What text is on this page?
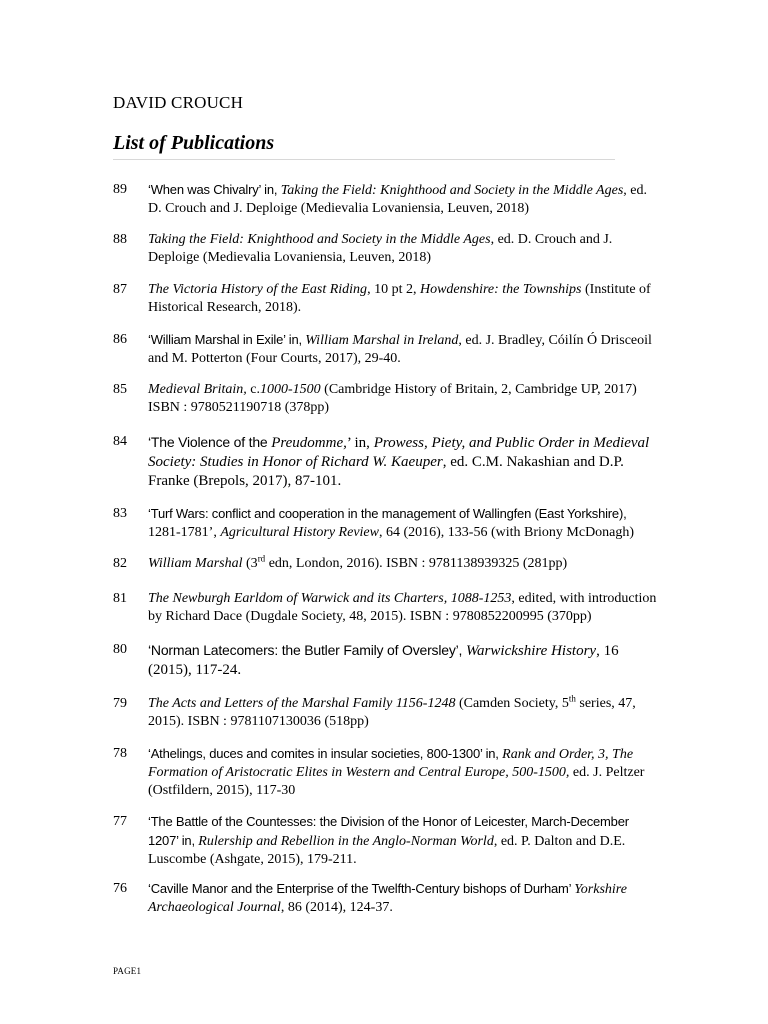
DAVID CROUCH
List of Publications
89 ‘When was Chivalry’ in, Taking the Field: Knighthood and Society in the Middle Ages, ed. D. Crouch and J. Deploige (Medievalia Lovaniensia, Leuven, 2018)
88 Taking the Field: Knighthood and Society in the Middle Ages, ed. D. Crouch and J. Deploige (Medievalia Lovaniensia, Leuven, 2018)
87 The Victoria History of the East Riding, 10 pt 2, Howdenshire: the Townships (Institute of Historical Research, 2018).
86 ‘William Marshal in Exile’ in, William Marshal in Ireland, ed. J. Bradley, Cóilín Ó Drisceoil and M. Potterton (Four Courts, 2017), 29-40.
85 Medieval Britain, c.1000-1500 (Cambridge History of Britain, 2, Cambridge UP, 2017) ISBN : 9780521190718 (378pp)
84 ‘The Violence of the Preudomme,’ in, Prowess, Piety, and Public Order in Medieval Society: Studies in Honor of Richard W. Kaeuper, ed. C.M. Nakashian and D.P. Franke (Brepols, 2017), 87-101.
83 ‘Turf Wars: conflict and cooperation in the management of Wallingfen (East Yorkshire), 1281-1781’, Agricultural History Review, 64 (2016), 133-56 (with Briony McDonagh)
82 William Marshal (3rd edn, London, 2016). ISBN : 9781138939325 (281pp)
81 The Newburgh Earldom of Warwick and its Charters, 1088-1253, edited, with introduction by Richard Dace (Dugdale Society, 48, 2015). ISBN : 9780852200995 (370pp)
80 ‘Norman Latecomers: the Butler Family of Oversley’, Warwickshire History, 16 (2015), 117-24.
79 The Acts and Letters of the Marshal Family 1156-1248 (Camden Society, 5th series, 47, 2015). ISBN : 9781107130036 (518pp)
78 ‘Athelings, duces and comites in insular societies, 800-1300’ in, Rank and Order, 3, The Formation of Aristocratic Elites in Western and Central Europe, 500-1500, ed. J. Peltzer (Ostfildern, 2015), 117-30
77 ‘The Battle of the Countesses: the Division of the Honor of Leicester, March-December 1207’ in, Rulership and Rebellion in the Anglo-Norman World, ed. P. Dalton and D.E. Luscombe (Ashgate, 2015), 179-211.
76 ‘Caville Manor and the Enterprise of the Twelfth-Century bishops of Durham’ Yorkshire Archaeological Journal, 86 (2014), 124-37.
PAGE1
